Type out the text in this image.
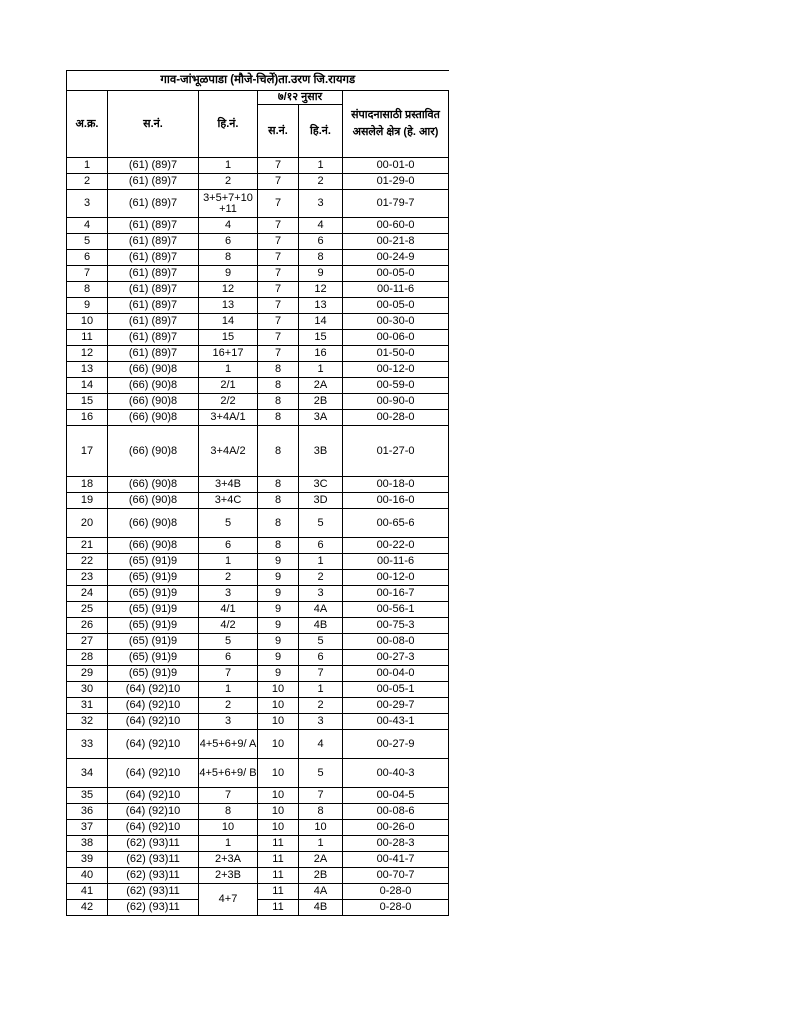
गाव-जांभूळपाडा (मौजे-चिर्ले)ता.उरण जि.रायगड					
अ.क्र.	स.नं.	हि.नं.	७/१२ नुसार		संपादनासाठी प्रस्तावित असलेले क्षेत्र (हे. आर)
			स.नं.	हि.नं.	
1	(61) (89)7	1	7	1	00-01-0
2	(61) (89)7	2	7	2	01-29-0
3	(61) (89)7	3+5+7+10 +11	7	3	01-79-7
4	(61) (89)7	4	7	4	00-60-0
5	(61) (89)7	6	7	6	00-21-8
6	(61) (89)7	8	7	8	00-24-9
7	(61) (89)7	9	7	9	00-05-0
8	(61) (89)7	12	7	12	00-11-6
9	(61) (89)7	13	7	13	00-05-0
10	(61) (89)7	14	7	14	00-30-0
11	(61) (89)7	15	7	15	00-06-0
12	(61) (89)7	16+17	7	16	01-50-0
13	(66) (90)8	1	8	1	00-12-0
14	(66) (90)8	2/1	8	2A	00-59-0
15	(66) (90)8	2/2	8	2B	00-90-0
16	(66) (90)8	3+4A/1	8	3A	00-28-0
17	(66) (90)8	3+4A/2	8	3B	01-27-0
18	(66) (90)8	3+4B	8	3C	00-18-0
19	(66) (90)8	3+4C	8	3D	00-16-0
20	(66) (90)8	5	8	5	00-65-6
21	(66) (90)8	6	8	6	00-22-0
22	(65) (91)9	1	9	1	00-11-6
23	(65) (91)9	2	9	2	00-12-0
24	(65) (91)9	3	9	3	00-16-7
25	(65) (91)9	4/1	9	4A	00-56-1
26	(65) (91)9	4/2	9	4B	00-75-3
27	(65) (91)9	5	9	5	00-08-0
28	(65) (91)9	6	9	6	00-27-3
29	(65) (91)9	7	9	7	00-04-0
30	(64) (92)10	1	10	1	00-05-1
31	(64) (92)10	2	10	2	00-29-7
32	(64) (92)10	3	10	3	00-43-1
33	(64) (92)10	4+5+6+9/ A	10	4	00-27-9
34	(64) (92)10	4+5+6+9/ B	10	5	00-40-3
35	(64) (92)10	7	10	7	00-04-5
36	(64) (92)10	8	10	8	00-08-6
37	(64) (92)10	10	10	10	00-26-0
38	(62) (93)11	1	11	1	00-28-3
39	(62) (93)11	2+3A	11	2A	00-41-7
40	(62) (93)11	2+3B	11	2B	00-70-7
41	(62) (93)11	4+7	11	4A	0-28-0
42	(62) (93)11		11	4B	0-28-0
